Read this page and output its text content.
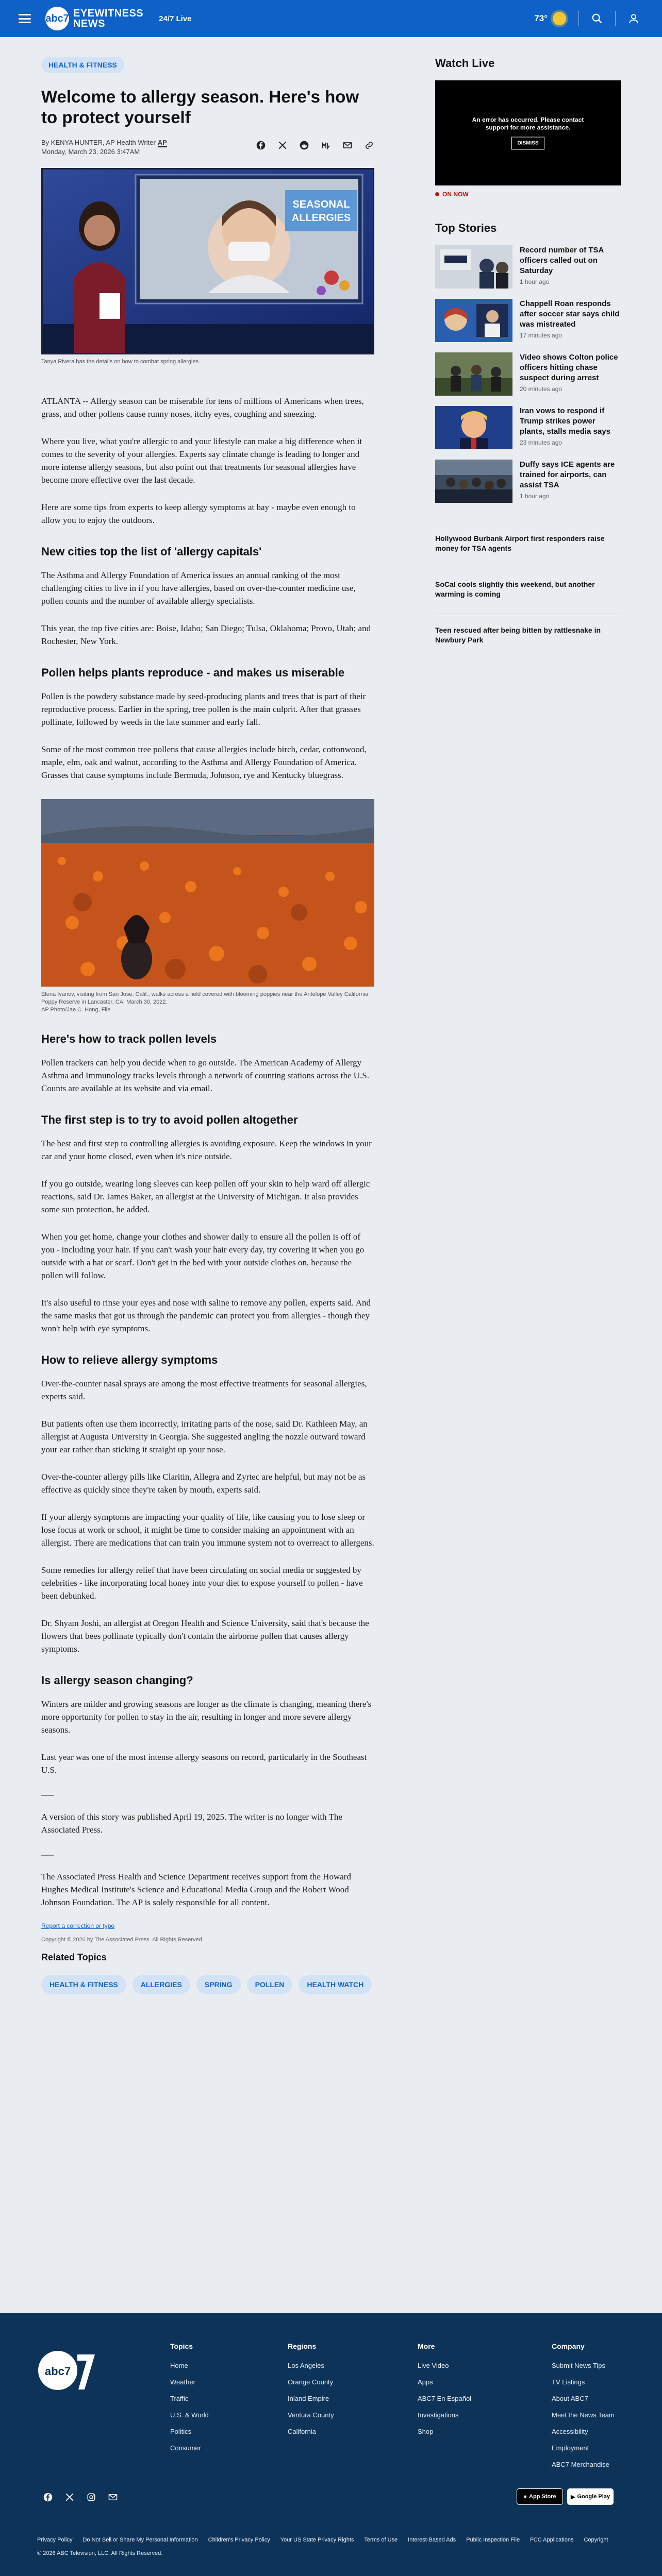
abc7 EYEWITNESS
NEWS	24/7 Live	73°
HEALTH & FITNESS
Welcome to allergy season. Here's how to protect yourself
By KENYA HUNTER, AP Health Writer AP
Monday, March 23, 2026 3:47AM
SEASONAL
ALLERGIES
Tanya Rivera has the details on how to combat spring allergies.

ATLANTA -- Allergy season can be miserable for tens of millions of Americans when trees, grass, and other pollens cause runny noses, itchy eyes, coughing and sneezing.

Where you live, what you're allergic to and your lifestyle can make a big difference when it comes to the severity of your allergies. Experts say climate change is leading to longer and more intense allergy seasons, but also point out that treatments for seasonal allergies have become more effective over the last decade.

Here are some tips from experts to keep allergy symptoms at bay - maybe even enough to allow you to enjoy the outdoors.

New cities top the list of 'allergy capitals'

The Asthma and Allergy Foundation of America issues an annual ranking of the most challenging cities to live in if you have allergies, based on over-the-counter medicine use, pollen counts and the number of available allergy specialists.

This year, the top five cities are: Boise, Idaho; San Diego; Tulsa, Oklahoma; Provo, Utah; and Rochester, New York.

Pollen helps plants reproduce - and makes us miserable

Pollen is the powdery substance made by seed-producing plants and trees that is part of their reproductive process. Earlier in the spring, tree pollen is the main culprit. After that grasses pollinate, followed by weeds in the late summer and early fall.

Some of the most common tree pollens that cause allergies include birch, cedar, cottonwood, maple, elm, oak and walnut, according to the Asthma and Allergy Foundation of America. Grasses that cause symptoms include Bermuda, Johnson, rye and Kentucky bluegrass.

Elena Ivanov, visiting from San Jose, Calif., walks across a field covered with blooming poppies near the Antelope Valley California Poppy Reserve in Lancaster, CA, March 30, 2022.
AP Photo/Jae C. Hong, File
Here's how to track pollen levels

Pollen trackers can help you decide when to go outside. The American Academy of Allergy Asthma and Immunology tracks levels through a network of counting stations across the U.S. Counts are available at its website and via email.

The first step is to try to avoid pollen altogether

The best and first step to controlling allergies is avoiding exposure. Keep the windows in your car and your home closed, even when it's nice outside.

If you go outside, wearing long sleeves can keep pollen off your skin to help ward off allergic reactions, said Dr. James Baker, an allergist at the University of Michigan. It also provides some sun protection, he added.

When you get home, change your clothes and shower daily to ensure all the pollen is off of you - including your hair. If you can't wash your hair every day, try covering it when you go outside with a hat or scarf. Don't get in the bed with your outside clothes on, because the pollen will follow.

It's also useful to rinse your eyes and nose with saline to remove any pollen, experts said. And the same masks that got us through the pandemic can protect you from allergies - though they won't help with eye symptoms.

How to relieve allergy symptoms

Over-the-counter nasal sprays are among the most effective treatments for seasonal allergies, experts said.

But patients often use them incorrectly, irritating parts of the nose, said Dr. Kathleen May, an allergist at Augusta University in Georgia. She suggested angling the nozzle outward toward your ear rather than sticking it straight up your nose.

Over-the-counter allergy pills like Claritin, Allegra and Zyrtec are helpful, but may not be as effective as quickly since they're taken by mouth, experts said.

If your allergy symptoms are impacting your quality of life, like causing you to lose sleep or lose focus at work or school, it might be time to consider making an appointment with an allergist. There are medications that can train you immune system not to overreact to allergens.

Some remedies for allergy relief that have been circulating on social media or suggested by celebrities - like incorporating local honey into your diet to expose yourself to pollen - have been debunked.

Dr. Shyam Joshi, an allergist at Oregon Health and Science University, said that's because the flowers that bees pollinate typically don't contain the airborne pollen that causes allergy symptoms.

Is allergy season changing?

Winters are milder and growing seasons are longer as the climate is changing, meaning there's more opportunity for pollen to stay in the air, resulting in longer and more severe allergy seasons.

Last year was one of the most intense allergy seasons on record, particularly in the Southeast U.S.

A version of this story was published April 19, 2025. The writer is no longer with The Associated Press.

The Associated Press Health and Science Department receives support from the Howard Hughes Medical Institute's Science and Educational Media Group and the Robert Wood Johnson Foundation. The AP is solely responsible for all content.

Report a correction or typo
Copyright © 2026 by The Associated Press. All Rights Reserved.
Related Topics
HEALTH & FITNESS	ALLERGIES	SPRING	POLLEN	HEALTH WATCH
Watch Live
An error has occurred. Please contact support for more assistance.
DISMISS
ON NOW
Top Stories
Record number of TSA officers called out on Saturday
1 hour ago
Chappell Roan responds after soccer star says child was mistreated
17 minutes ago
Video shows Colton police officers hitting chase suspect during arrest
20 minutes ago
Iran vows to respond if Trump strikes power plants, stalls media says
23 minutes ago
Duffy says ICE agents are trained for airports, can assist TSA
1 hour ago
Hollywood Burbank Airport first responders raise money for TSA agents
SoCal cools slightly this weekend, but another warming is coming
Teen rescued after being bitten by rattlesnake in Newbury Park
abc7
Topics
Home
Weather
Traffic
U.S. & World
Politics
Consumer
Regions
Los Angeles
Orange County
Inland Empire
Ventura County
California
More
Live Video
Apps
ABC7 En Español
Investigations
Shop
Company
Submit News Tips
TV Listings
About ABC7
Meet the News Team
Accessibility
Employment
ABC7 Merchandise
● App Store	▶ Google Play
Privacy Policy Do Not Sell or Share My Personal Information Children's Privacy Policy Your US State Privacy Rights Terms of Use Interest-Based Ads Public Inspection File FCC Applications Copyright
© 2026 ABC Television, LLC. All Rights Reserved.
